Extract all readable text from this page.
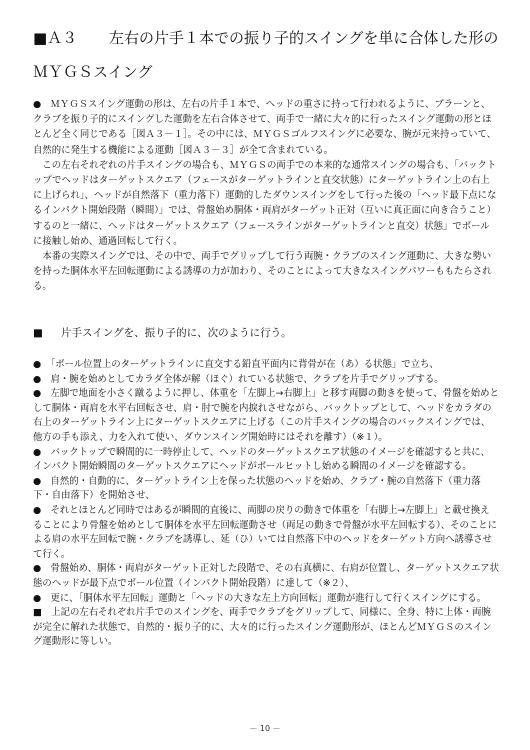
■Ａ３ 左右の片手１本での振り子的スイングを単に合体した形の
ＭＹＧＳスイング

●　ＭＹＧＳスイング運動の形は、左右の片手１本で、ヘッドの重さに持って行われるように、ブラーンと、クラブを振り子的にスイングした運動を左右合体させて、両手で一緒に大々的に行ったスイング運動の形とほとんど全く同じである［図Ａ３－１］。その中には、ＭＹＧＳゴルフスイングに必要な、腕が元来持っていて、自然的に発生する機能による運動［図Ａ３－３］が全て含まれている。

　この左右それぞれの片手スイングの場合も、ＭＹＧＳの両手での本来的な通常スイングの場合も、「バックトップでヘッドはターゲットスクエア（フェースがターゲットラインと直交状態）にターゲットライン上の右上に上げられ」、ヘッドが自然落下（重力落下）運動的したダウンスイングをして行った後の「ヘッド最下点になるインパクト開始段階（瞬間）」では、骨盤始め胴体・両肩がターゲット正対（互いに真正面に向き合うこと）するのと一緒に、ヘッドはターゲットスクエア（フェースラインがターゲットラインと直交）状態」でボールに接触し始め、通過回転して行く。

　本番の実際スイングでは、その中で、両手でグリップして行う両腕・クラブのスイング運動に、大きな勢いを持った胴体水平左回転運動による誘導の力が加わり、そのことによって大きなスイングパワーももたらされる。

■ 片手スイングを、振り子的に、次のように行う。

●　「ボール位置上のターゲットラインに直交する鉛直平面内に背骨が在（あ）る状態」で立ち、

●　肩・腕を始めとしてカラダ全体が解（ほぐ）れている状態で、クラブを片手でグリップする。

●　左脚で地面を小さく蹴るように押し、体重を「左脚上→右脚上」と移す両脚の動きを使って、骨盤を始めとして胴体・両肩を水平右回転させ、肩・肘で腕を内捩れさせながら、バックトップとして、ヘッドをカラダの右上のターゲットライン上にターゲットスクエアに上げる（この片手スイングの場合のバックスイングでは、他方の手も添え、力を入れて使い、ダウンスイング開始時にはそれを離す）（※１）。

●　バックトップで瞬間的に一時停止して、ヘッドのターゲットスクエア状態のイメージを確認すると共に、インパクト開始瞬間のターゲットスクエアにヘッドがボールヒットし始める瞬間のイメージを確認する。

●　自然的・自動的に、ターゲットライン上を保った状態のヘッドを始め、クラブ・腕の自然落下（重力落下・自由落下）を開始させ、

●　それとほとんど同時ではあるが瞬間的直後に、両脚の戻りの動きで体重を「右脚上→左脚上」と載せ換えることにより骨盤を始めとして胴体を水平左回転運動させ（両足の動きで骨盤が水平左回転する）、そのことによる肩の水平左回転で腕・クラブを誘導し、延（ひ）いては自然落下中のヘッドをターゲット方向へ誘導させて行く。

●　骨盤始め、胴体・両肩がターゲット正対した段階で、その右真横に、右肩が位置し、ターゲットスクエア状態のヘッドが最下点でボール位置（インパクト開始段階）に達して（※２）、

●　更に、「胴体水平左回転」運動と「ヘッドの大きな左上方向回転」運動が進行して行くスイングにする。

■　上記の左右それぞれ片手でのスイングを、両手でクラブをグリップして、同様に、全身、特に上体・両腕が完全に解れた状態で、自然的・振り子的に、大々的に行ったスイング運動形が、ほとんどＭＹＧＳのスイング運動形に等しい。

－ 10 －
